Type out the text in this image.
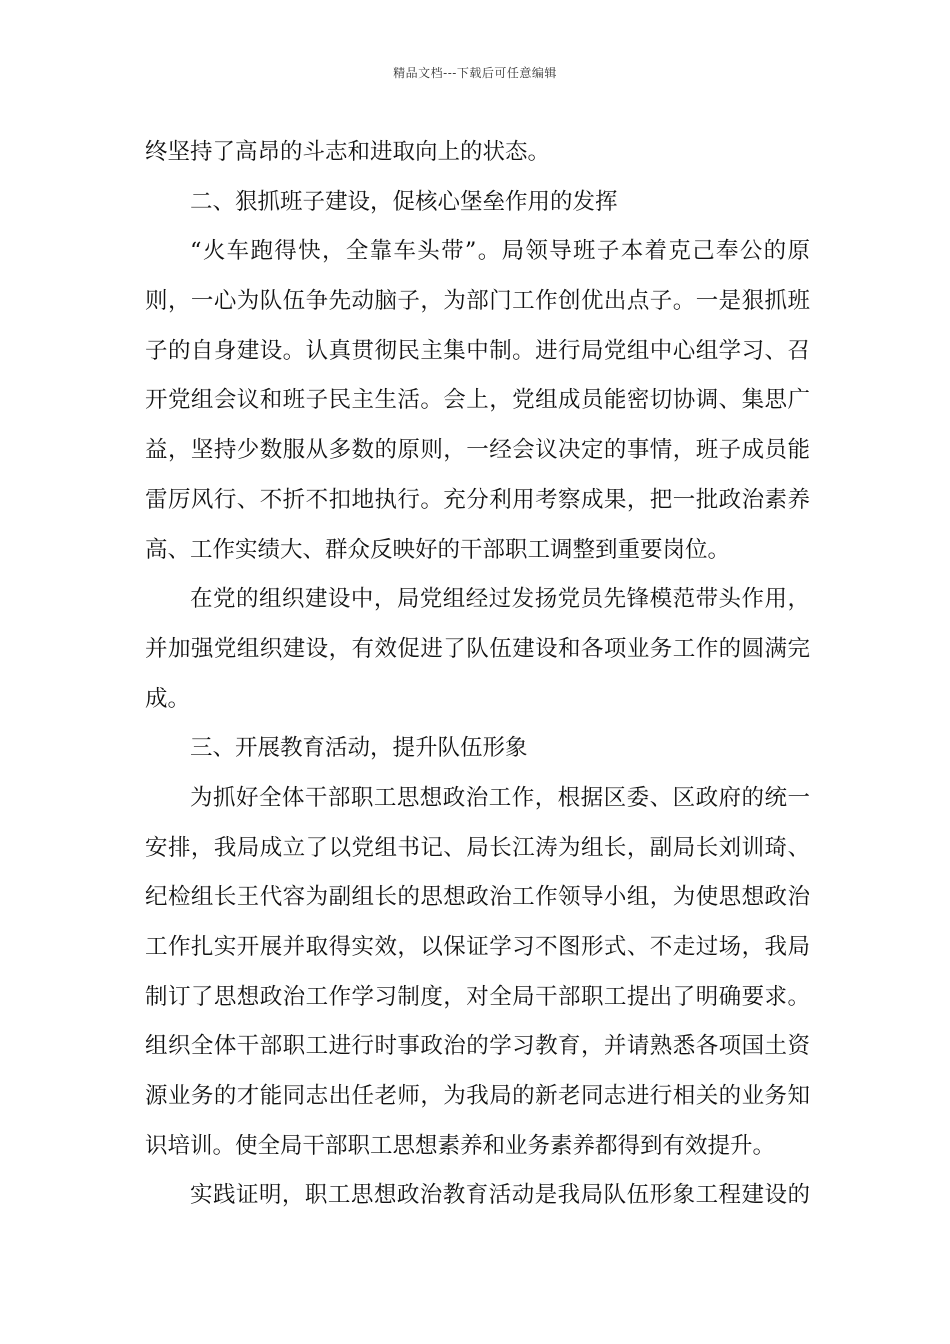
精品文档---下载后可任意编辑
终坚持了高昂的斗志和进取向上的状态。
二、狠抓班子建设，促核心堡垒作用的发挥
“火车跑得快，全靠车头带”。局领导班子本着克己奉公的原
则，一心为队伍争先动脑子，为部门工作创优出点子。一是狠抓班
子的自身建设。认真贯彻民主集中制。进行局党组中心组学习、召
开党组会议和班子民主生活。会上，党组成员能密切协调、集思广
益，坚持少数服从多数的原则，一经会议决定的事情，班子成员能
雷厉风行、不折不扣地执行。充分利用考察成果，把一批政治素养
高、工作实绩大、群众反映好的干部职工调整到重要岗位。
在党的组织建设中，局党组经过发扬党员先锋模范带头作用，
并加强党组织建设，有效促进了队伍建设和各项业务工作的圆满完
成。
三、开展教育活动，提升队伍形象
为抓好全体干部职工思想政治工作，根据区委、区政府的统一
安排，我局成立了以党组书记、局长江涛为组长，副局长刘训琦、
纪检组长王代容为副组长的思想政治工作领导小组，为使思想政治
工作扎实开展并取得实效，以保证学习不图形式、不走过场，我局
制订了思想政治工作学习制度，对全局干部职工提出了明确要求。
组织全体干部职工进行时事政治的学习教育，并请熟悉各项国土资
源业务的才能同志出任老师，为我局的新老同志进行相关的业务知
识培训。使全局干部职工思想素养和业务素养都得到有效提升。
实践证明，职工思想政治教育活动是我局队伍形象工程建设的
